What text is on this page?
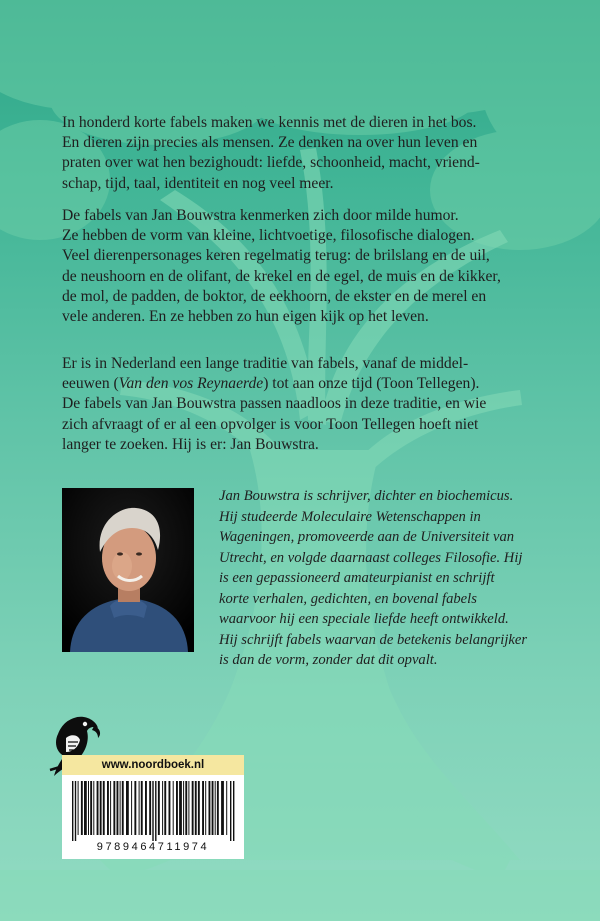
In honderd korte fabels maken we kennis met de dieren in het bos.
En dieren zijn precies als mensen. Ze denken na over hun leven en
praten over wat hen bezighoudt: liefde, schoonheid, macht, vriend-
schap, tijd, taal, identiteit en nog veel meer.

De fabels van Jan Bouwstra kenmerken zich door milde humor.
Ze hebben de vorm van kleine, lichtvoetige, filosofische dialogen.
Veel dierenpersonages keren regelmatig terug: de brilslang en de uil,
de neushoorn en de olifant, de krekel en de egel, de muis en de kikker,
de mol, de padden, de boktor, de eekhoorn, de ekster en de merel en
vele anderen. En ze hebben zo hun eigen kijk op het leven.

Er is in Nederland een lange traditie van fabels, vanaf de middel-
eeuwen (Van den vos Reynaerde) tot aan onze tijd (Toon Tellegen).
De fabels van Jan Bouwstra passen naadloos in deze traditie, en wie
zich afvraagt of er al een opvolger is voor Toon Tellegen hoeft niet
langer te zoeken. Hij is er: Jan Bouwstra.

Jan Bouwstra is schrijver, dichter en biochemicus.
Hij studeerde Moleculaire Wetenschappen in
Wageningen, promoveerde aan de Universiteit van
Utrecht, en volgde daarnaast colleges Filosofie. Hij
is een gepassioneerd amateurpianist en schrijft
korte verhalen, gedichten, en bovenal fabels
waarvoor hij een speciale liefde heeft ontwikkeld.
Hij schrijft fabels waarvan de betekenis belangrijker
is dan de vorm, zonder dat dit opvalt.

www.noordboek.nl
9789464711974
